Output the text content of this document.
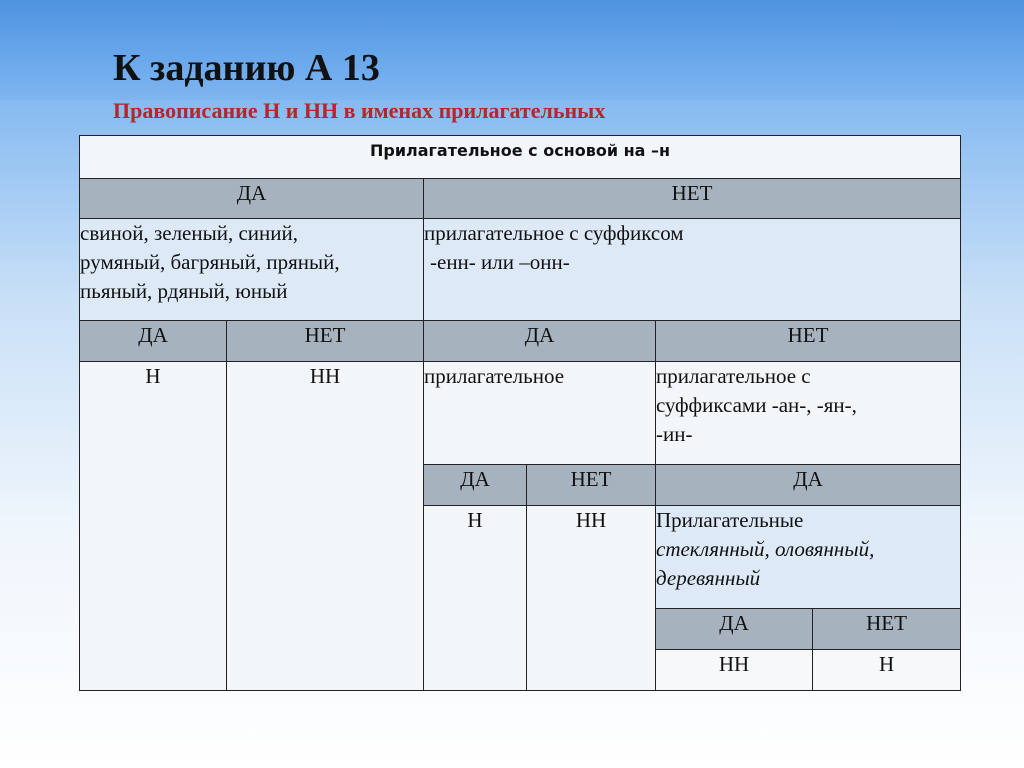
К заданию А 13
Правописание Н и НН в именах прилагательных
Прилагательное с основой на –н					
ДА		НЕТ			
свиной, зеленый, синий,
румяный, багряный, пряный,
пьяный, рдяный, юный		прилагательное с суффиксом
-енн- или –онн-			
ДА	НЕТ	ДА		НЕТ	
Н	НН	прилагательное		прилагательное с
суффиксами -ан-, -ян-,
-ин-	
		ДА	НЕТ	ДА	
		Н	НН	Прилагательные
стеклянный, оловянный,
деревянный	
				ДА	НЕТ
				НН	Н
